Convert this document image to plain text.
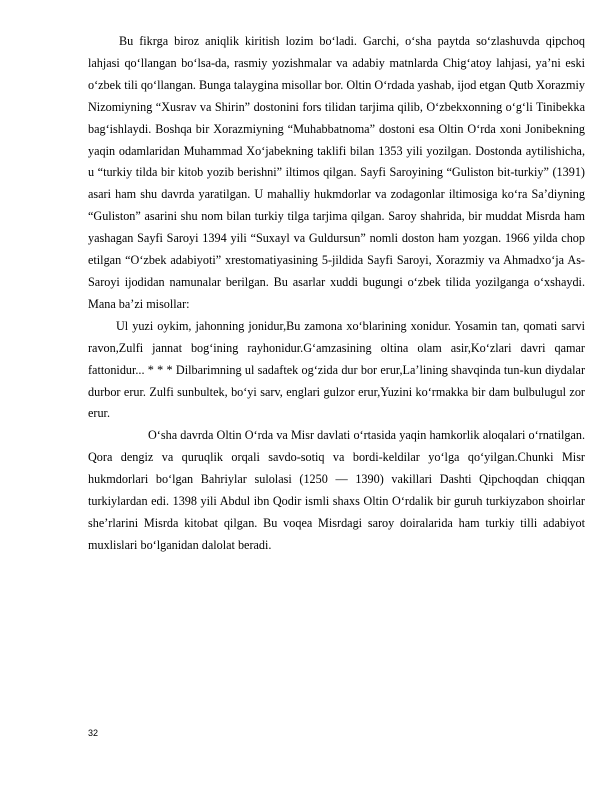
Bu fikrga biroz aniqlik kiritish lozim bo‘ladi. Garchi, o‘sha paytda so‘zlashuvda qipchoq lahjasi qo‘llangan bo‘lsa-da, rasmiy yozishmalar va adabiy matnlarda Chig‘atoy lahjasi, ya’ni eski o‘zbek tili qo‘llangan. Bunga talaygina misollar bor. Oltin O‘rdada yashab, ijod etgan Qutb Xorazmiy Nizomiyning “Xusrav va Shirin” dostonini fors tilidan tarjima qilib, O‘zbekxonning o‘g‘li Tinibekka bag‘ishlaydi. Boshqa bir Xorazmiyning “Muhabbatnoma” dostoni esa Oltin O‘rda xoni Jonibekning yaqin odamlaridan Muhammad Xo‘jabekning taklifi bilan 1353 yili yozilgan. Dostonda aytilishicha, u “turkiy tilda bir kitob yozib berishni” iltimos qilgan. Sayfi Saroyining “Guliston bit-turkiy” (1391) asari ham shu davrda yaratilgan. U mahalliy hukmdorlar va zodagonlar iltimosiga ko‘ra Sa’diyning “Guliston” asarini shu nom bilan turkiy tilga tarjima qilgan. Saroy shahrida, bir muddat Misrda ham yashagan Sayfi Saroyi 1394 yili “Suxayl va Guldursun” nomli doston ham yozgan. 1966 yilda chop etilgan “O‘zbek adabiyoti” xrestomatiyasining 5-jildida Sayfi Saroyi, Xorazmiy va Ahmadxo‘ja As-Saroyi ijodidan namunalar berilgan. Bu asarlar xuddi bugungi o‘zbek tilida yozilganga o‘xshaydi. Mana ba’zi misollar:

Ul yuzi oykim, jahonning jonidur,Bu zamona xo‘blarining xonidur. Yosamin tan, qomati sarvi ravon,Zulfi jannat bog‘ining rayhonidur.G‘amzasining oltina olam asir,Ko‘zlari davri qamar fattonidur... * * * Dilbarimning ul sadaftek og‘zida dur bor erur,La’lining shavqinda tun-kun diydalar durbor erur. Zulfi sunbultek, bo‘yi sarv, englari gulzor erur,Yuzini ko‘rmakka bir dam bulbulugul zor erur.

O‘sha davrda Oltin O‘rda va Misr davlati o‘rtasida yaqin hamkorlik aloqalari o‘rnatilgan. Qora dengiz va quruqlik orqali savdo-sotiq va bordi-keldilar yo‘lga qo‘yilgan.Chunki Misr hukmdorlari bo‘lgan Bahriylar sulolasi (1250 — 1390) vakillari Dashti Qipchoqdan chiqqan turkiylardan edi. 1398 yili Abdul ibn Qodir ismli shaxs Oltin O‘rdalik bir guruh turkiyzabon shoirlar she’rlarini Misrda kitobat qilgan. Bu voqea Misrdagi saroy doiralarida ham turkiy tilli adabiyot muxlislari bo‘lganidan dalolat beradi.

32
